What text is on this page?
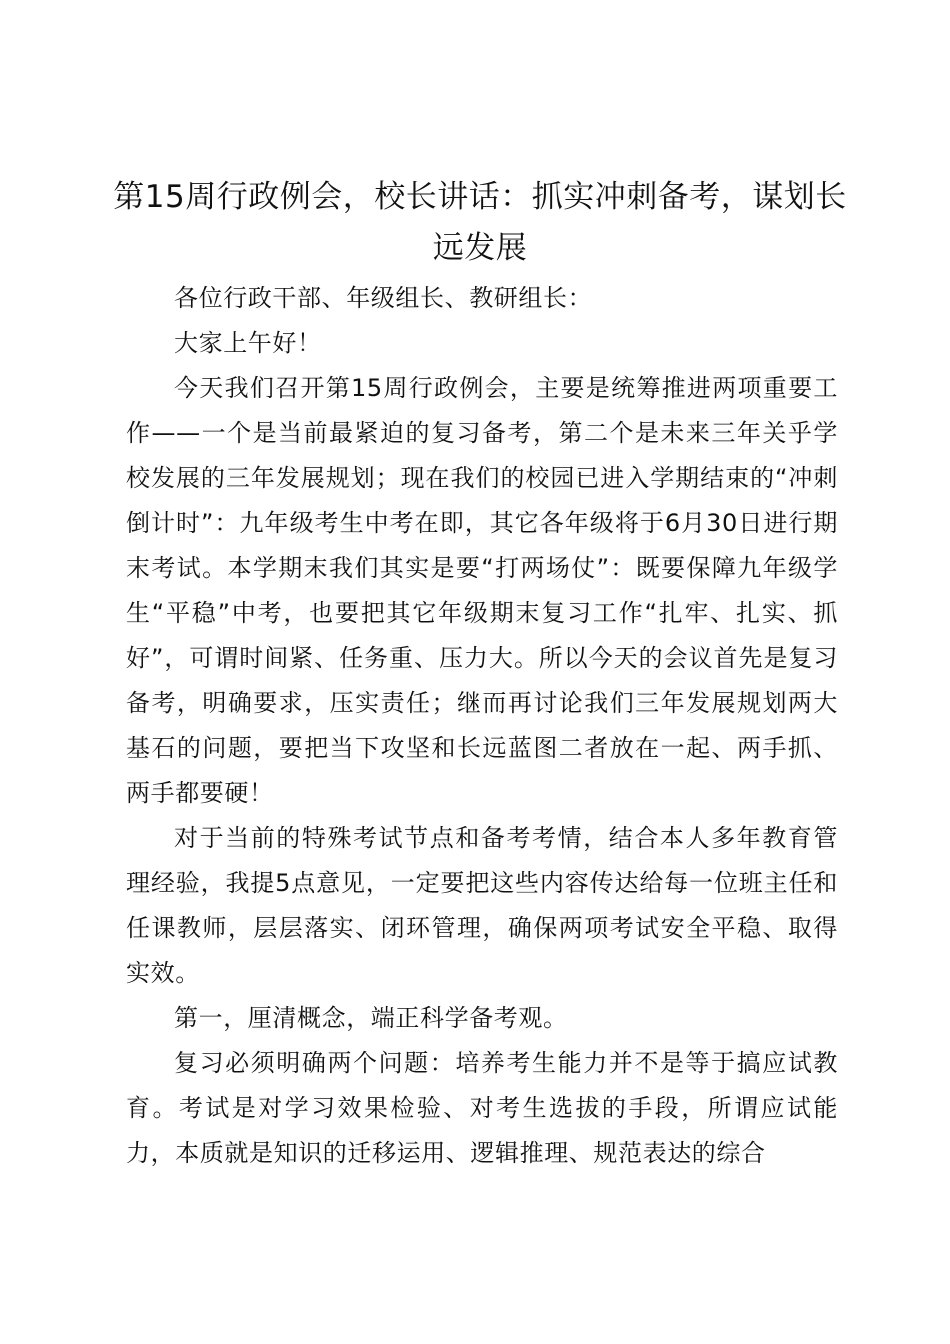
第15周行政例会，校长讲话：抓实冲刺备考，谋划长远发展

各位行政干部、年级组长、教研组长：

大家上午好！

今天我们召开第15周行政例会，主要是统筹推进两项重要工作——一个是当前最紧迫的复习备考，第二个是未来三年关乎学校发展的三年发展规划；现在我们的校园已进入学期结束的“冲刺倒计时”：九年级考生中考在即，其它各年级将于6月30日进行期末考试。本学期末我们其实是要“打两场仗”：既要保障九年级学生“平稳”中考，也要把其它年级期末复习工作“扎牢、扎实、抓好”，可谓时间紧、任务重、压力大。所以今天的会议首先是复习备考，明确要求，压实责任；继而再讨论我们三年发展规划两大基石的问题，要把当下攻坚和长远蓝图二者放在一起、两手抓、两手都要硬！

对于当前的特殊考试节点和备考考情，结合本人多年教育管理经验，我提5点意见，一定要把这些内容传达给每一位班主任和任课教师，层层落实、闭环管理，确保两项考试安全平稳、取得实效。

第一，厘清概念，端正科学备考观。

复习必须明确两个问题：培养考生能力并不是等于搞应试教育。考试是对学习效果检验、对考生选拔的手段，所谓应试能力，本质就是知识的迁移运用、逻辑推理、规范表达的综合
